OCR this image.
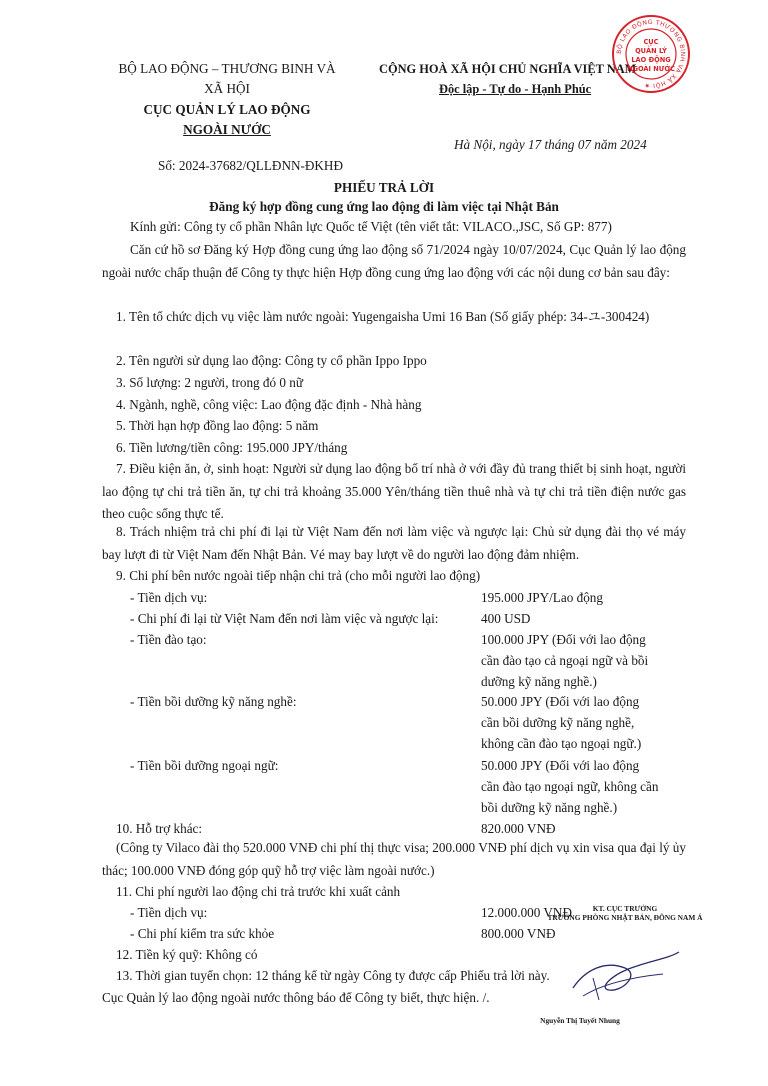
BỘ LAO ĐỘNG – THƯƠNG BINH VÀ
XÃ HỘI
CỤC QUẢN LÝ LAO ĐỘNG
NGOÀI NƯỚC
Số: 2024-37682/QLLĐNN-ĐKHĐ
CỘNG HOÀ XÃ HỘI CHỦ NGHĨA VIỆT NAM
Độc lập - Tự do - Hạnh Phúc
Hà Nội, ngày 17 tháng 07 năm 2024
BỘ LAO ĐỘNG THƯƠNG BINH VÀ XÃ HỘI ★
CỤC
QUẢN LÝ
LAO ĐỘNG
NGOÀI NƯỚC
PHIẾU TRẢ LỜI
Đăng ký hợp đồng cung ứng lao động đi làm việc tại Nhật Bản
Kính gửi: Công ty cổ phần Nhân lực Quốc tế Việt (tên viết tắt: VILACO.,JSC, Số GP: 877)
Căn cứ hồ sơ Đăng ký Hợp đồng cung ứng lao động số 71/2024 ngày 10/07/2024, Cục Quản lý lao động ngoài nước chấp thuận để Công ty thực hiện Hợp đồng cung ứng lao động với các nội dung cơ bản sau đây:
1. Tên tổ chức dịch vụ việc làm nước ngoài: Yugengaisha Umi 16 Ban (Số giấy phép: 34-ユ-300424)
2. Tên người sử dụng lao động: Công ty cổ phần Ippo Ippo
3. Số lượng: 2 người, trong đó 0 nữ
4. Ngành, nghề, công việc: Lao động đặc định - Nhà hàng
5. Thời hạn hợp đồng lao động: 5 năm
6. Tiền lương/tiền công: 195.000 JPY/tháng
7. Điều kiện ăn, ở, sinh hoạt: Người sử dụng lao động bố trí nhà ở với đầy đủ trang thiết bị sinh hoạt, người lao động tự chi trả tiền ăn, tự chi trả khoảng 35.000 Yên/tháng tiền thuê nhà và tự chi trả tiền điện nước gas theo cuộc sống thực tế.
8. Trách nhiệm trả chi phí đi lại từ Việt Nam đến nơi làm việc và ngược lại: Chủ sử dụng đài thọ vé máy bay lượt đi từ Việt Nam đến Nhật Bản. Vé may bay lượt về do người lao động đảm nhiệm.
9. Chi phí bên nước ngoài tiếp nhận chi trả (cho mỗi người lao động)
- Tiền dịch vụ:	195.000 JPY/Lao động
- Chi phí đi lại từ Việt Nam đến nơi làm việc và ngược lại:	400 USD
- Tiền đào tạo:	100.000 JPY (Đối với lao động
cần đào tạo cả ngoại ngữ và bồi
dưỡng kỹ năng nghề.)
- Tiền bồi dưỡng kỹ năng nghề:	50.000 JPY (Đối với lao động
cần bồi dưỡng kỹ năng nghề,
không cần đào tạo ngoại ngữ.)
- Tiền bồi dưỡng ngoại ngữ:	50.000 JPY (Đối với lao động
cần đào tạo ngoại ngữ, không cần
bồi dưỡng kỹ năng nghề.)
10. Hỗ trợ khác:	820.000 VNĐ
(Công ty Vilaco đài thọ 520.000 VNĐ chi phí thị thực visa; 200.000 VNĐ phí dịch vụ xin visa qua đại lý ủy thác; 100.000 VNĐ đóng góp quỹ hỗ trợ việc làm ngoài nước.)
11. Chi phí người lao động chi trả trước khi xuất cảnh
- Tiền dịch vụ:	12.000.000 VNĐ
- Chi phí kiểm tra sức khỏe	800.000 VNĐ
12. Tiền ký quỹ: Không có
13. Thời gian tuyển chọn: 12 tháng kể từ ngày Công ty được cấp Phiếu trả lời này.
Cục Quản lý lao động ngoài nước thông báo để Công ty biết, thực hiện. /.
KT. CỤC TRƯỞNG
TRƯỞNG PHÒNG NHẬT BẢN, ĐÔNG NAM Á
Nguyễn Thị Tuyết Nhung
